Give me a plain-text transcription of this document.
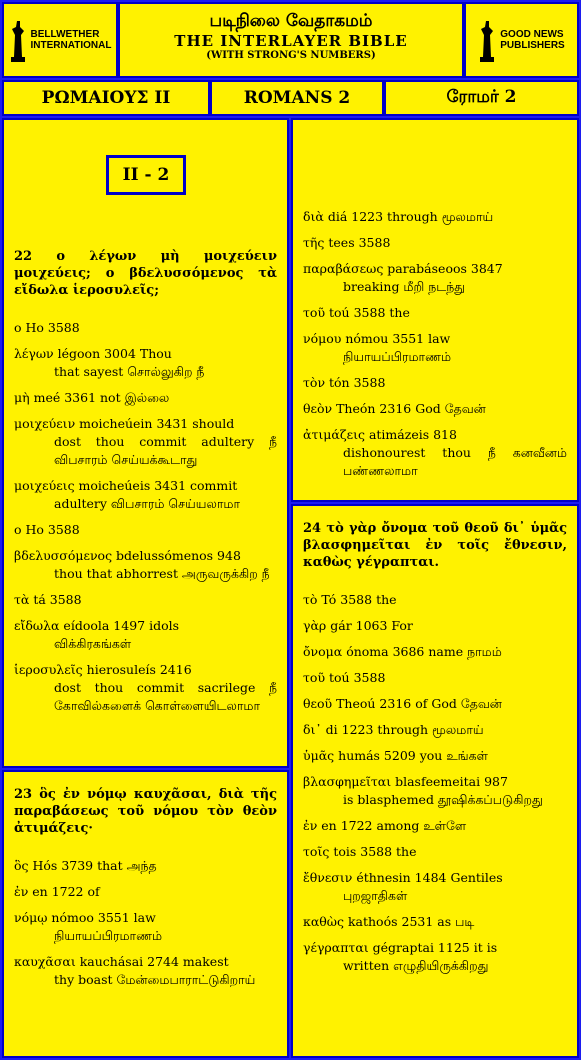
BELLWETHER
INTERNATIONAL
படிநிலை வேதாகமம்
THE INTERLAYER BIBLE
(WITH STRONG'S NUMBERS)
GOOD NEWS
PUBLISHERS
ΡΩΜΑΙΟΥΣ II	ROMANS 2	ரோமர் 2
II - 2
22 ο λέγων μὴ μοιχεύειν μοιχεύεις; ο βδελυσσόμενος τὰ εἴδωλα ἱεροσυλεῖς;
ο Ho 3588
λέγων légoon 3004 Thou
that sayest சொல்லுகிற நீ
μὴ meé 3361 not இல்லை
μοιχεύειν moicheúein 3431 should
dost thou commit adultery நீ விபசாரம் செய்யக்கூடாது
μοιχεύεις moicheúeis 3431 commit
adultery விபசாரம் செய்யலாமா
ο Ho 3588
βδελυσσόμενος bdelussómenos 948
thou that abhorrest அருவருக்கிற நீ
τὰ tá 3588
εἴδωλα eídoola 1497 idols
விக்கிரகங்கள்
ἱεροσυλεῖς hierosuleís 2416
dost thou commit sacrilege நீ கோவில்களைக் கொள்ளையிடலாமா
23 ὃς ἐν νόμῳ καυχᾶσαι, διὰ τῆς παραβάσεως τοῦ νόμου τὸν θεὸν ἀτιμάζεις·
ὃς Hós 3739 that அந்த
ἐν en 1722 of
νόμῳ nómoo 3551 law
நியாயப்பிரமாணம்
καυχᾶσαι kauchásai 2744 makest
thy boast மேன்மைபாராட்டுகிறாய்
διὰ diá 1223 through மூலமாய்
τῆς tees 3588
παραβάσεως parabáseoos 3847
breaking மீறி நடந்து
τοῦ toú 3588 the
νόμου nómou 3551 law
நியாயப்பிரமாணம்
τὸν tón 3588
θεὸν Theón 2316 God தேவன்
ἀτιμάζεις atimázeis 818
dishonourest thou நீ கனவீனம் பண்ணலாமா
24 τὸ γὰρ ὄνομα τοῦ θεοῦ δι᾽ ὑμᾶς βλασφημεῖται ἐν τοῖς ἔθνεσιν, καθὼς γέγραπται.
τὸ Tó 3588 the
γὰρ gár 1063 For
ὄνομα ónoma 3686 name நாமம்
τοῦ toú 3588
θεοῦ Theoú 2316 of God தேவன்
δι᾽ di 1223 through மூலமாய்
ὑμᾶς humás 5209 you உங்கள்
βλασφημεῖται blasfeemeitai 987
is blasphemed தூஷிக்கப்படுகிறது
ἐν en 1722 among உள்ளே
τοῖς tois 3588 the
ἔθνεσιν éthnesin 1484 Gentiles
புறஜாதிகள்
καθὼς kathoós 2531 as படி
γέγραπται gégraptai 1125 it is
written எழுதியிருக்கிறது
